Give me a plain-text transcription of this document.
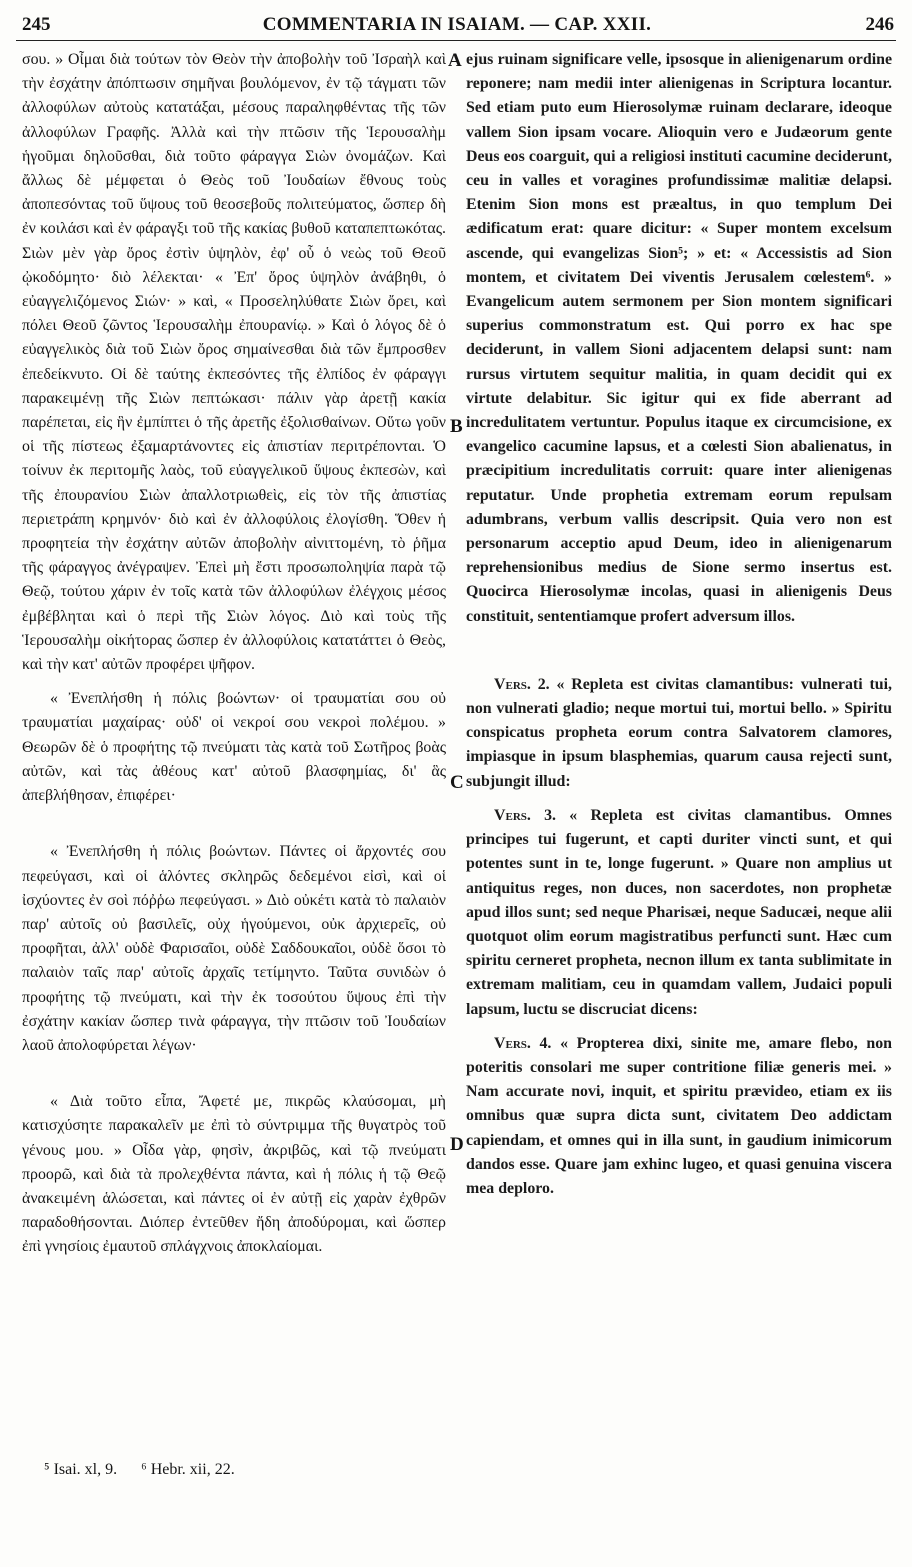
245	COMMENTARIA IN ISAIAM. — CAP. XXII.	246

σου. » Οἶμαι διὰ τούτων τὸν Θεὸν τὴν ἀποβολὴν τοῦ Ἰσραὴλ καὶ τὴν ἐσχάτην ἀπόπτωσιν σημῆναι βουλόμενον, ἐν τῷ τάγματι τῶν ἀλλοφύλων αὐτοὺς κατατάξαι, μέσους παραληφθέντας τῆς τῶν ἀλλοφύλων Γραφῆς. Ἀλλὰ καὶ τὴν πτῶσιν τῆς Ἱερουσαλὴμ ἡγοῦμαι δηλοῦσθαι, διὰ τοῦτο φάραγγα Σιὼν ὀνομάζων. Καὶ ἄλλως δὲ μέμφεται ὁ Θεὸς τοῦ Ἰουδαίων ἔθνους τοὺς ἀποπεσόντας τοῦ ὕψους τοῦ θεοσεβοῦς πολιτεύματος, ὥσπερ δὴ ἐν κοιλάσι καὶ ἐν φάραγξι τοῦ τῆς κακίας βυθοῦ καταπεπτωκότας. Σιὼν μὲν γὰρ ὄρος ἐστὶν ὑψηλὸν, ἐφ' οὗ ὁ νεὼς τοῦ Θεοῦ ᾠκοδόμητο· διὸ λέλεκται· « Ἐπ' ὄρος ὑψηλὸν ἀνάβηθι, ὁ εὐαγγελιζόμενος Σιών· » καὶ, « Προσεληλύθατε Σιὼν ὄρει, καὶ πόλει Θεοῦ ζῶντος Ἱερουσαλὴμ ἐπουρανίῳ. » Καὶ ὁ λόγος δὲ ὁ εὐαγγελικὸς διὰ τοῦ Σιὼν ὄρος σημαίνεσθαι διὰ τῶν ἔμπροσθεν ἐπεδείκνυτο. Οἱ δὲ ταύτης ἐκπεσόντες τῆς ἐλπίδος ἐν φάραγγι παρακειμένῃ τῆς Σιὼν πεπτώκασι· πάλιν γὰρ ἀρετῇ κακία παρέπεται, εἰς ἣν ἐμπίπτει ὁ τῆς ἀρετῆς ἐξολισθαίνων. Οὕτω γοῦν οἱ τῆς πίστεως ἐξαμαρτάνοντες εἰς ἀπιστίαν περιτρέπονται. Ὁ τοίνυν ἐκ περιτομῆς λαὸς, τοῦ εὐαγγελικοῦ ὕψους ἐκπεσὼν, καὶ τῆς ἐπουρανίου Σιὼν ἀπαλλοτριωθεὶς, εἰς τὸν τῆς ἀπιστίας περιετράπη κρημνόν· διὸ καὶ ἐν ἀλλοφύλοις ἐλογίσθη. Ὅθεν ἡ προφητεία τὴν ἐσχάτην αὐτῶν ἀποβολὴν αἰνιττομένη, τὸ ῥῆμα τῆς φάραγγος ἀνέγραψεν. Ἐπεὶ μὴ ἔστι προσωποληψία παρὰ τῷ Θεῷ, τούτου χάριν ἐν τοῖς κατὰ τῶν ἀλλοφύλων ἐλέγχοις μέσος ἐμβέβληται καὶ ὁ περὶ τῆς Σιὼν λόγος. Διὸ καὶ τοὺς τῆς Ἱερουσαλὴμ οἰκήτορας ὥσπερ ἐν ἀλλοφύλοις κατατάττει ὁ Θεὸς, καὶ τὴν κατ' αὐτῶν προφέρει ψῆφον.

« Ἐνεπλήσθη ἡ πόλις βοώντων· οἱ τραυματίαι σου οὐ τραυματίαι μαχαίρας· οὐδ' οἱ νεκροί σου νεκροὶ πολέμου. » Θεωρῶν δὲ ὁ προφήτης τῷ πνεύματι τὰς κατὰ τοῦ Σωτῆρος βοὰς αὐτῶν, καὶ τὰς ἀθέους κατ' αὐτοῦ βλασφημίας, δι' ἃς ἀπεβλήθησαν, ἐπιφέρει·

« Ἐνεπλήσθη ἡ πόλις βοώντων. Πάντες οἱ ἄρχοντές σου πεφεύγασι, καὶ οἱ ἁλόντες σκληρῶς δεδεμένοι εἰσὶ, καὶ οἱ ἰσχύοντες ἐν σοὶ πόῤῥω πεφεύγασι. » Διὸ οὐκέτι κατὰ τὸ παλαιὸν παρ' αὐτοῖς οὐ βασιλεῖς, οὐχ ἡγούμενοι, οὐκ ἀρχιερεῖς, οὐ προφῆται, ἀλλ' οὐδὲ Φαρισαῖοι, οὐδὲ Σαδδουκαῖοι, οὐδὲ ὅσοι τὸ παλαιὸν ταῖς παρ' αὐτοῖς ἀρχαῖς τετίμηντο. Ταῦτα συνιδὼν ὁ προφήτης τῷ πνεύματι, καὶ τὴν ἐκ τοσούτου ὕψους ἐπὶ τὴν ἐσχάτην κακίαν ὥσπερ τινὰ φάραγγα, τὴν πτῶσιν τοῦ Ἰουδαίων λαοῦ ἀπολοφύρεται λέγων·

« Διὰ τοῦτο εἶπα, Ἄφετέ με, πικρῶς κλαύσομαι, μὴ κατισχύσητε παρακαλεῖν με ἐπὶ τὸ σύντριμμα τῆς θυγατρὸς τοῦ γένους μου. » Οἶδα γὰρ, φησὶν, ἀκριβῶς, καὶ τῷ πνεύματι προορῶ, καὶ διὰ τὰ προλεχθέντα πάντα, καὶ ἡ πόλις ἡ τῷ Θεῷ ἀνακειμένη ἁλώσεται, καὶ πάντες οἱ ἐν αὐτῇ εἰς χαρὰν ἐχθρῶν παραδοθήσονται. Διόπερ ἐντεῦθεν ἤδη ἀποδύρομαι, καὶ ὥσπερ ἐπὶ γνησίοις ἐμαυτοῦ σπλάγχνοις ἀποκλαίομαι.

A
B
C
D

ejus ruinam significare velle, ipsosque in alienigenarum ordine reponere; nam medii inter alienigenas in Scriptura locantur. Sed etiam puto eum Hierosolymæ ruinam declarare, ideoque vallem Sion ipsam vocare. Alioquin vero e Judæorum gente Deus eos coarguit, qui a religiosi instituti cacumine deciderunt, ceu in valles et voragines profundissimæ malitiæ delapsi. Etenim Sion mons est præaltus, in quo templum Dei ædificatum erat: quare dicitur: « Super montem excelsum ascende, qui evangelizas Sion⁵; » et: « Accessistis ad Sion montem, et civitatem Dei viventis Jerusalem cœlestem⁶. » Evangelicum autem sermonem per Sion montem significari superius commonstratum est. Qui porro ex hac spe deciderunt, in vallem Sioni adjacentem delapsi sunt: nam rursus virtutem sequitur malitia, in quam decidit qui ex virtute delabitur. Sic igitur qui ex fide aberrant ad incredulitatem vertuntur. Populus itaque ex circumcisione, ex evangelico cacumine lapsus, et a cœlesti Sion abalienatus, in præcipitium incredulitatis corruit: quare inter alienigenas reputatur. Unde prophetia extremam eorum repulsam adumbrans, verbum vallis descripsit. Quia vero non est personarum acceptio apud Deum, ideo in alienigenarum reprehensionibus medius de Sione sermo insertus est. Quocirca Hierosolymæ incolas, quasi in alienigenis Deus constituit, sententiamque profert adversum illos.

Vers. 2. « Repleta est civitas clamantibus: vulnerati tui, non vulnerati gladio; neque mortui tui, mortui bello. » Spiritu conspicatus propheta eorum contra Salvatorem clamores, impiasque in ipsum blasphemias, quarum causa rejecti sunt, subjungit illud:

Vers. 3. « Repleta est civitas clamantibus. Omnes principes tui fugerunt, et capti duriter vincti sunt, et qui potentes sunt in te, longe fugerunt. » Quare non amplius ut antiquitus reges, non duces, non sacerdotes, non prophetæ apud illos sunt; sed neque Pharisæi, neque Saducæi, neque alii quotquot olim eorum magistratibus perfuncti sunt. Hæc cum spiritu cerneret propheta, necnon illum ex tanta sublimitate in extremam malitiam, ceu in quamdam vallem, Judaici populi lapsum, luctu se discruciat dicens:

Vers. 4. « Propterea dixi, sinite me, amare flebo, non poteritis consolari me super contritione filiæ generis mei. » Nam accurate novi, inquit, et spiritu prævideo, etiam ex iis omnibus quæ supra dicta sunt, civitatem Deo addictam capiendam, et omnes qui in illa sunt, in gaudium inimicorum dandos esse. Quare jam exhinc lugeo, et quasi genuina viscera mea deploro.

⁵ Isai. xl, 9. ⁶ Hebr. xii, 22.
